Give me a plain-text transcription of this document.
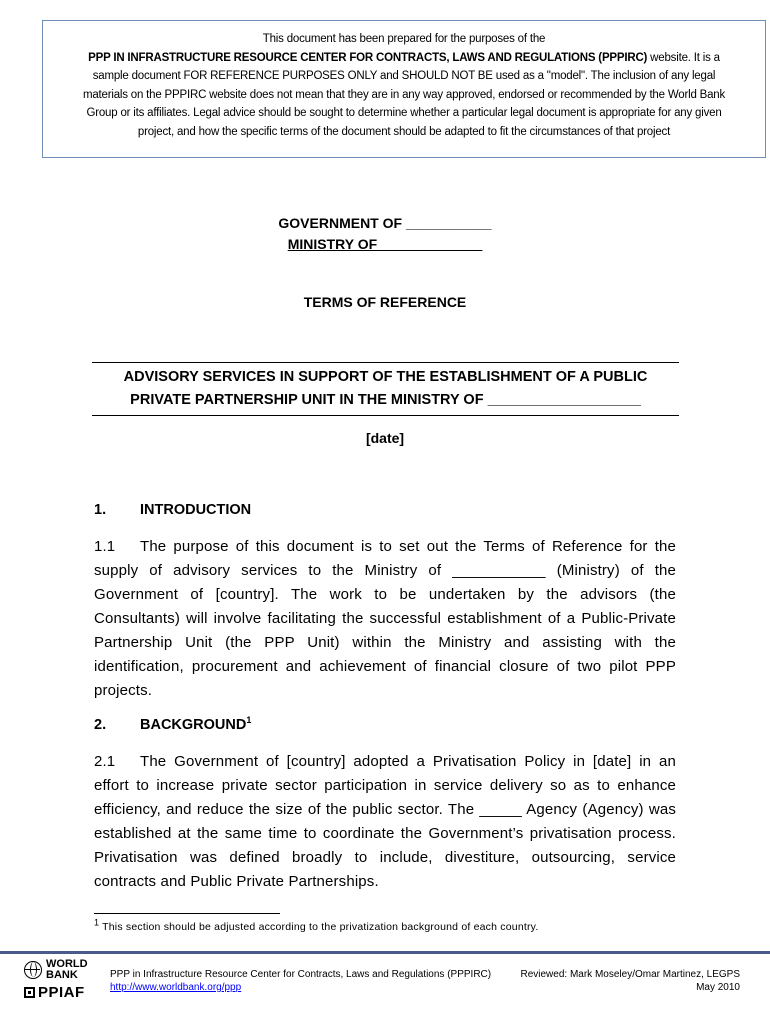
This document has been prepared for the purposes of the
PPP IN INFRASTRUCTURE RESOURCE CENTER FOR CONTRACTS, LAWS AND REGULATIONS (PPPIRC) website. It is a
sample document FOR REFERENCE PURPOSES ONLY and SHOULD NOT BE used as a "model". The inclusion of any legal
materials on the PPPIRC website does not mean that they are in any way approved, endorsed or recommended by the World Bank
Group or its affiliates. Legal advice should be sought to determine whether a particular legal document is appropriate for any given
project, and how the specific terms of the document should be adapted to fit the circumstances of that project
GOVERNMENT OF ___________
MINISTRY OF _____________
TERMS OF REFERENCE
ADVISORY SERVICES IN SUPPORT OF THE ESTABLISHMENT OF A PUBLIC
PRIVATE PARTNERSHIP UNIT IN THE MINISTRY OF ___________________
[date]
1. INTRODUCTION
1.1 The purpose of this document is to set out the Terms of Reference for the supply of advisory services to the Ministry of ___________ (Ministry) of the Government of [country]. The work to be undertaken by the advisors (the Consultants) will involve facilitating the successful establishment of a Public-Private Partnership Unit (the PPP Unit) within the Ministry and assisting with the identification, procurement and achievement of financial closure of two pilot PPP projects.
2. BACKGROUND$^1$
2.1 The Government of [country] adopted a Privatisation Policy in [date] in an effort to increase private sector participation in service delivery so as to enhance efficiency, and reduce the size of the public sector. The _____ Agency (Agency) was established at the same time to coordinate the Government’s privatisation process. Privatisation was defined broadly to include, divestiture, outsourcing, service contracts and Public Private Partnerships.
$^1$ This section should be adjusted according to the privatization background of each country.
WORLD
BANK
PPIAF
PPP in Infrastructure Resource Center for Contracts, Laws and Regulations (PPPIRC)
http://www.worldbank.org/ppp
Reviewed: Mark Moseley/Omar Martinez, LEGPS
May 2010
